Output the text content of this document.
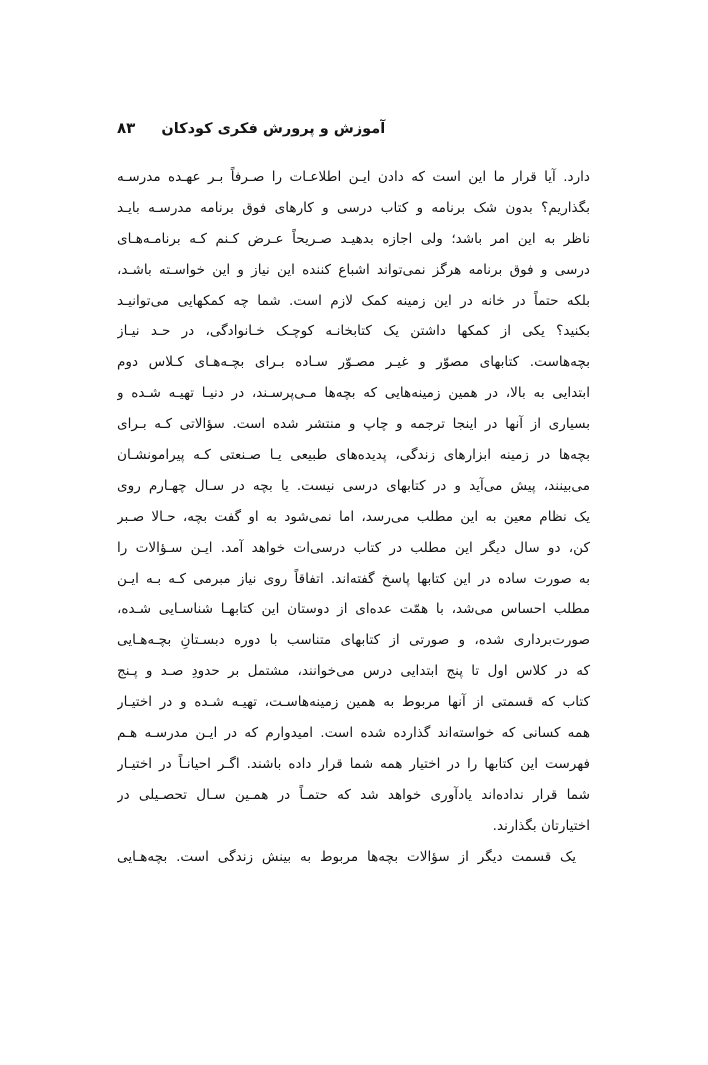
آموزش و پرورش فکری کودکان
۸۳
دارد. آیا قرار ما این است که دادن ایـن اطلاعـات را صـرفاً بـر عهـده مدرسـه
بگذاریم؟ بدون شک برنامه و کتاب درسی و کارهای فوق برنامه مدرسـه بایـد
ناظر به این امر باشد؛ ولی اجازه بدهیـد صـریحاً عـرض کـنم کـه برنامـه‌هـای
درسی و فوق برنامه هرگز نمی‌تواند اشباع کننده این نیاز و این خواسـته باشـد،
بلکه حتماً در خانه در این زمینه کمک لازم است. شما چه کمکهایی می‌توانیـد
بکنید؟ یکی از کمکها داشتن یک کتابخانـه کوچـک خـانوادگی، در حـد نیـاز
بچه‌هاست. کتابهای مصوّر و غیـر مصـوّر سـاده بـرای بچـه‌هـای کـلاس دوم
ابتدایی به بالا، در همین زمینه‌هایی که بچه‌ها مـی‌پرسـند، در دنیـا تهیـه شـده و
بسیاری از آنها در اینجا ترجمه و چاپ و منتشر شده است. سؤالاتی کـه بـرای
بچه‌ها در زمینه ابزارهای زندگی، پدیده‌های طبیعی یـا صـنعتی کـه پیرامونشـان
می‌بینند، پیش می‌آید و در کتابهای درسی نیست. یا بچه در سـال چهـارم روی
یک نظام معین به این مطلب می‌رسد، اما نمی‌شود به او گفت بچه، حـالا صـبر
کن، دو سال دیگر این مطلب در کتاب درسی‌ات خواهد آمد. ایـن سـؤالات را
به صورت ساده در این کتابها پاسخ گفته‌اند. اتفاقاً روی نیاز مبرمی کـه بـه ایـن
مطلب احساس می‌شد، با همّت عده‌ای از دوستان این کتابهـا شناسـایی شـده،
صورت‌برداری شده، و صورتی از کتابهای متناسب با دوره دبسـتانِ بچـه‌هـایی
که در کلاس اول تا پنج ابتدایی درس می‌خوانند، مشتمل بر حدودِ صـد و پـنج
کتاب که قسمتی از آنها مربوط به همین زمینه‌هاسـت، تهیـه شـده و در اختیـار
همه کسانی که خواسته‌اند گذارده شده است. امیدوارم که در ایـن مدرسـه هـم
فهرست این کتابها را در اختیار همه شما قرار داده باشند. اگـر احیانـاً در اختیـار
شما قرار نداده‌اند یادآوری خواهد شد که حتمـاً در همـین سـال تحصـیلی در
اختیارتان بگذارند.
یک قسمت دیگر از سؤالات بچه‌ها مربوط به بینش زندگی است. بچه‌هـایی
